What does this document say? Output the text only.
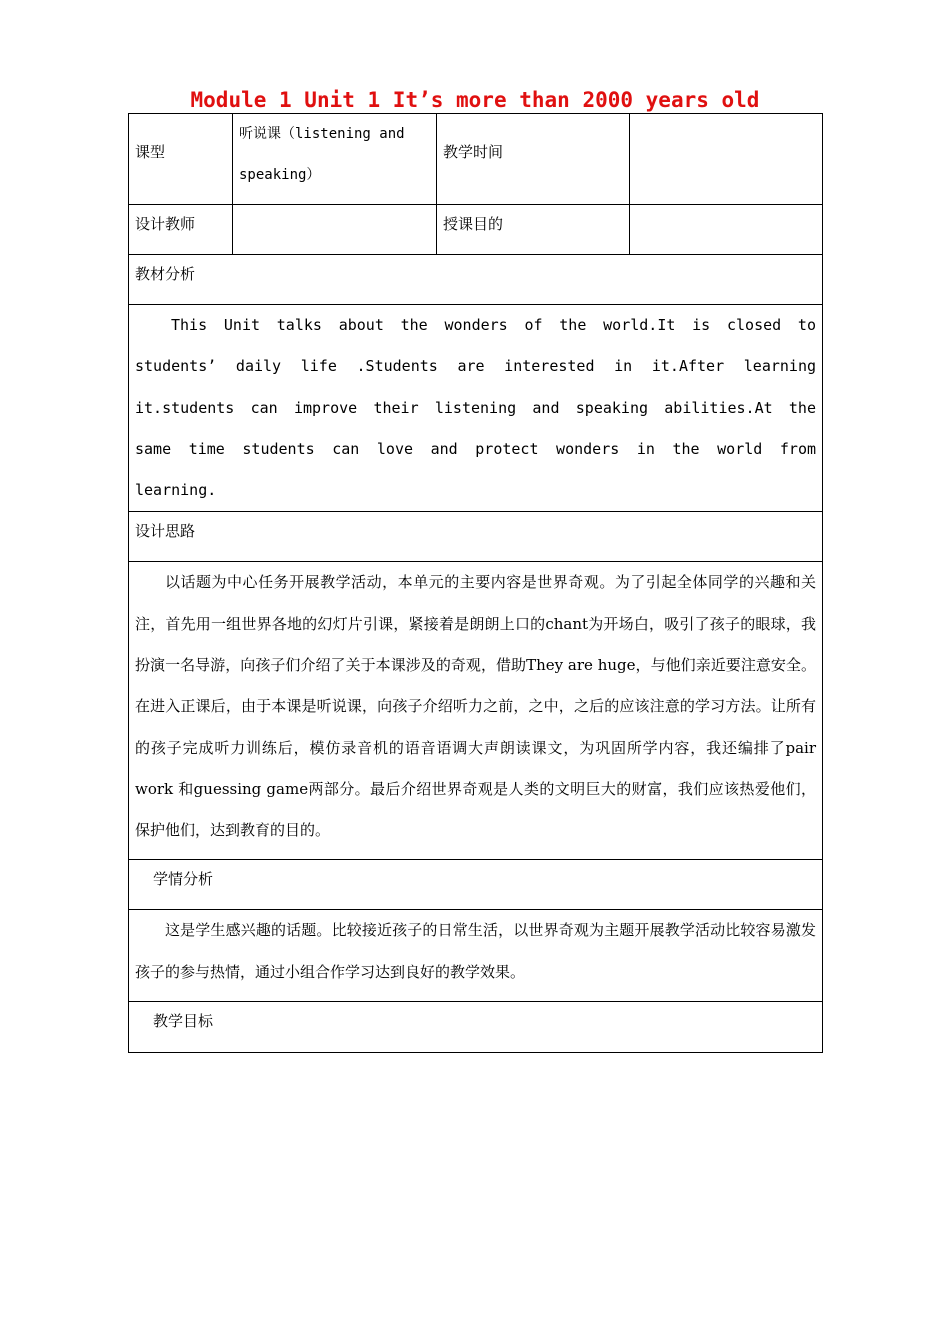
Module 1 Unit 1 It’s more than 2000 years old
课型	听说课（listening and speaking）	教学时间	

设计教师		授课目的	

教材分析			
This Unit talks about the wonders of the world.It is closed to students’ daily life .Students are interested in it.After learning it.students can improve their listening and speaking abilities.At the same time students can love and protect wonders in the world from learning.			
设计思路			
以话题为中心任务开展教学活动，本单元的主要内容是世界奇观。为了引起全体同学的兴趣和关注，首先用一组世界各地的幻灯片引课，紧接着是朗朗上口的chant为开场白，吸引了孩子的眼球，我扮演一名导游，向孩子们介绍了关于本课涉及的奇观，借助They are huge，与他们亲近要注意安全。在进入正课后，由于本课是听说课，向孩子介绍听力之前，之中，之后的应该注意的学习方法。让所有的孩子完成听力训练后，模仿录音机的语音语调大声朗读课文，为巩固所学内容，我还编排了pair work 和guessing game两部分。最后介绍世界奇观是人类的文明巨大的财富，我们应该热爱他们，保护他们，达到教育的目的。			
学情分析			
这是学生感兴趣的话题。比较接近孩子的日常生活，以世界奇观为主题开展教学活动比较容易激发孩子的参与热情，通过小组合作学习达到良好的教学效果。			
教学目标			
